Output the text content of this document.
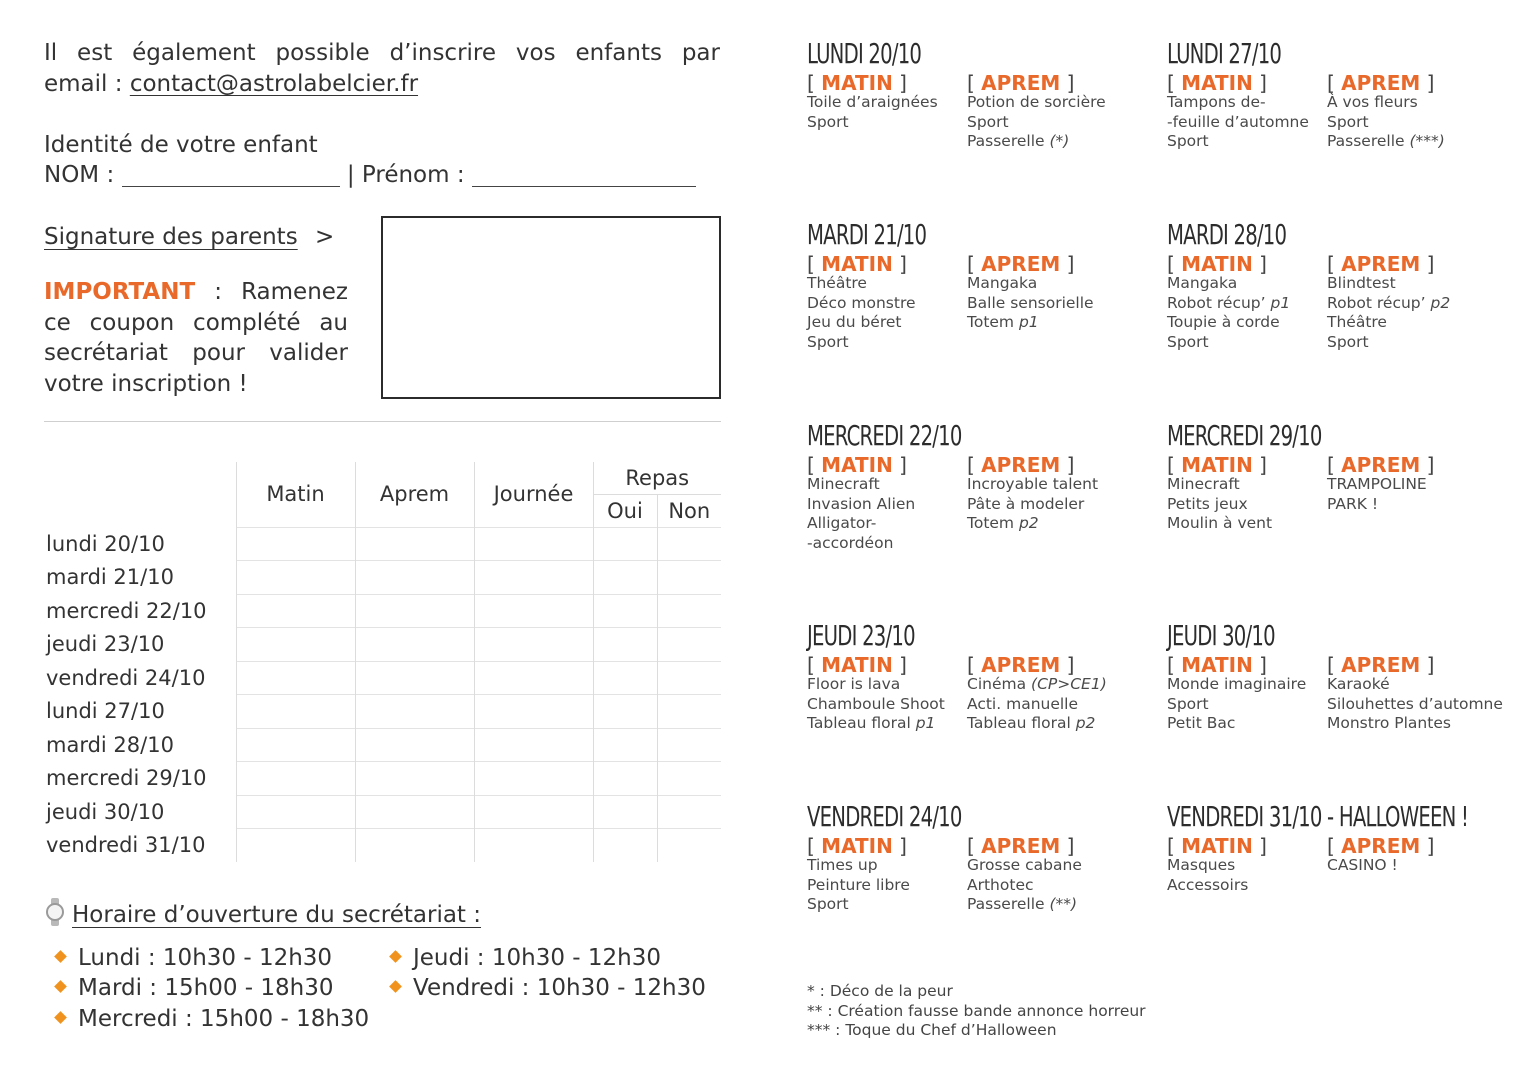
Il est également possible d’inscrire vos enfants par
email : contact@astrolabelcier.fr
Identité de votre enfant
NOM :	| Prénom :
Signature des parents >
IMPORTANT : Ramenez ce coupon complété au secrétariat pour valider votre inscription !
	Matin	Aprem	Journée	Repas	
				Oui	Non
lundi 20/10					
mardi 21/10					
mercredi 22/10					
jeudi 23/10					
vendredi 24/10					
lundi 27/10					
mardi 28/10					
mercredi 29/10					
jeudi 30/10					
vendredi 31/10					
Horaire d’ouverture du secrétariat :
Lundi : 10h30 - 12h30
Mardi : 15h00 - 18h30
Mercredi : 15h00 - 18h30
Jeudi : 10h30 - 12h30
Vendredi : 10h30 - 12h30
LUNDI 20/10
[ MATIN ]
Toile d’araignées
Sport
[ APREM ]
Potion de sorcière
Sport
Passerelle (*)
LUNDI 27/10
[ MATIN ]
Tampons de-
-feuille d’automne
Sport
[ APREM ]
À vos fleurs
Sport
Passerelle (***)
MARDI 21/10
[ MATIN ]
Théâtre
Déco monstre
Jeu du béret
Sport
[ APREM ]
Mangaka
Balle sensorielle
Totem p1
MARDI 28/10
[ MATIN ]
Mangaka
Robot récup’ p1
Toupie à corde
Sport
[ APREM ]
Blindtest
Robot récup’ p2
Théâtre
Sport
MERCREDI 22/10
[ MATIN ]
Minecraft
Invasion Alien
Alligator-
-accordéon
[ APREM ]
Incroyable talent
Pâte à modeler
Totem p2
MERCREDI 29/10
[ MATIN ]
Minecraft
Petits jeux
Moulin à vent
[ APREM ]
TRAMPOLINE
PARK !
JEUDI 23/10
[ MATIN ]
Floor is lava
Chamboule Shoot
Tableau floral p1
[ APREM ]
Cinéma (CP>CE1)
Acti. manuelle
Tableau floral p2
JEUDI 30/10
[ MATIN ]
Monde imaginaire
Sport
Petit Bac
[ APREM ]
Karaoké
Silouhettes d’automne
Monstro Plantes
VENDREDI 24/10
[ MATIN ]
Times up
Peinture libre
Sport
[ APREM ]
Grosse cabane
Arthotec
Passerelle (**)
VENDREDI 31/10 - HALLOWEEN !
[ MATIN ]
Masques
Accessoirs
[ APREM ]
CASINO !
* : Déco de la peur
** : Création fausse bande annonce horreur
*** : Toque du Chef d’Halloween
